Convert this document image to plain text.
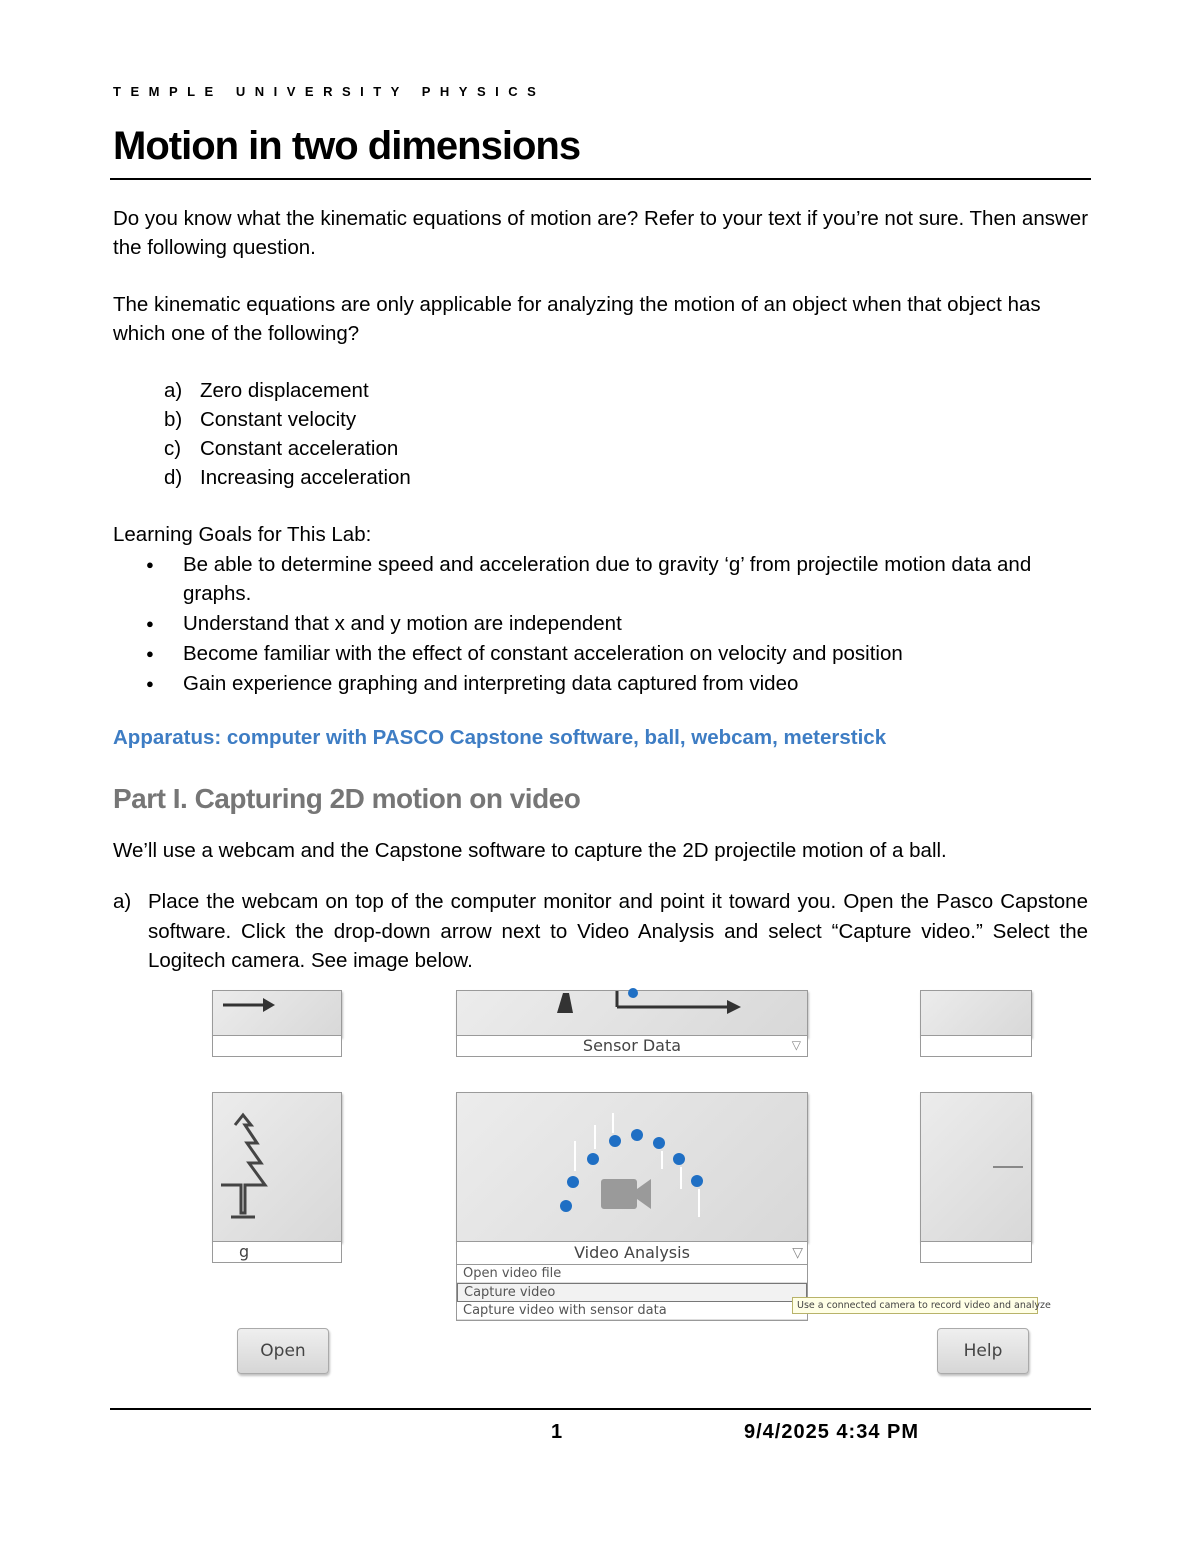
TEMPLE UNIVERSITY PHYSICS
Motion in two dimensions
Do you know what the kinematic equations of motion are? Refer to your text if you’re not sure. Then answer the following question.
The kinematic equations are only applicable for analyzing the motion of an object when that object has which one of the following?
a) Zero displacement
b) Constant velocity
c) Constant acceleration
d) Increasing acceleration
Learning Goals for This Lab:
● Be able to determine speed and acceleration due to gravity ‘g’ from projectile motion data and graphs.
● Understand that x and y motion are independent
● Become familiar with the effect of constant acceleration on velocity and position
● Gain experience graphing and interpreting data captured from video
Apparatus: computer with PASCO Capstone software, ball, webcam, meterstick
Part I. Capturing 2D motion on video
We’ll use a webcam and the Capstone software to capture the 2D projectile motion of a ball.
a) Place the webcam on top of the computer monitor and point it toward you. Open the Pasco Capstone software. Click the drop-down arrow next to Video Analysis and select “Capture video.” Select the Logitech camera. See image below.
Sensor Data	▽
g	Video Analysis	▽
Open video file
Capture video
Capture video with sensor data	Use a connected camera to record video and analyze
Open	Help
1	9/4/2025 4:34 PM
